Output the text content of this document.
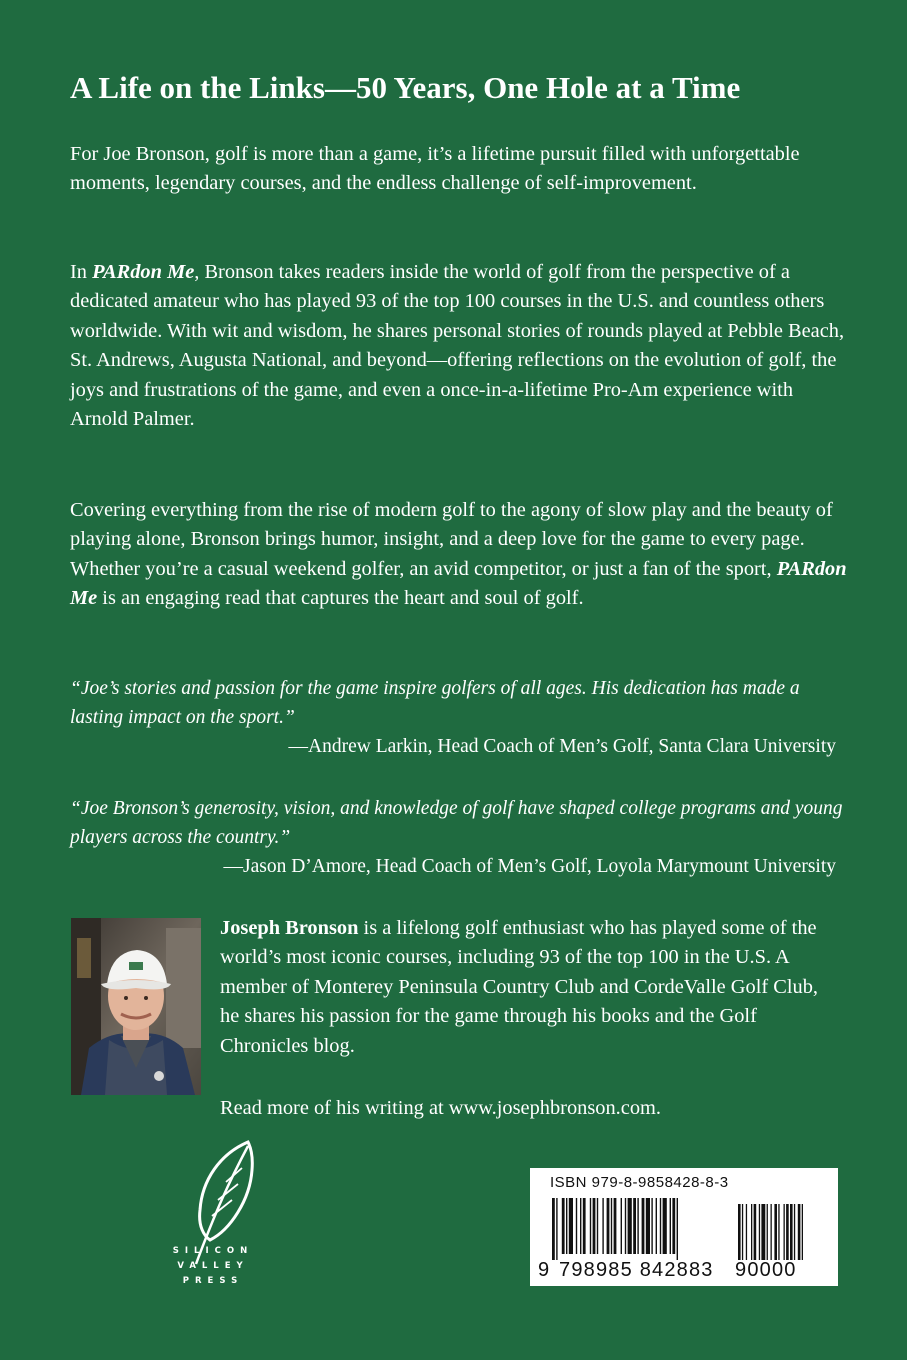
A Life on the Links—50 Years, One Hole at a Time

For Joe Bronson, golf is more than a game, it’s a lifetime pursuit filled with unforgettable moments, legendary courses, and the endless challenge of self-improvement.

In PARdon Me, Bronson takes readers inside the world of golf from the perspective of a dedicated amateur who has played 93 of the top 100 courses in the U.S. and countless others worldwide. With wit and wisdom, he shares personal stories of rounds played at Pebble Beach, St. Andrews, Augusta National, and beyond—offering reflections on the evolution of golf, the joys and frustrations of the game, and even a once-in-a-lifetime Pro-Am experience with Arnold Palmer.

Covering everything from the rise of modern golf to the agony of slow play and the beauty of playing alone, Bronson brings humor, insight, and a deep love for the game to every page. Whether you’re a casual weekend golfer, an avid competitor, or just a fan of the sport, PARdon Me is an engaging read that captures the heart and soul of golf.

“Joe’s stories and passion for the game inspire golfers of all ages. His dedication has made a lasting impact on the sport.”
—Andrew Larkin, Head Coach of Men’s Golf, Santa Clara University
“Joe Bronson’s generosity, vision, and knowledge of golf have shaped college programs and young players across the country.”
—Jason D’Amore, Head Coach of Men’s Golf, Loyola Marymount University

Joseph Bronson is a lifelong golf enthusiast who has played some of the world’s most iconic courses, including 93 of the top 100 in the U.S. A member of Monterey Peninsula Country Club and CordeValle Golf Club, he shares his passion for the game through his books and the Golf Chronicles blog.

Read more of his writing at www.josephbronson.com.

SILICON
VALLEY
PRESS
ISBN 979-8-9858428-8-3
9 798985 842883 90000
